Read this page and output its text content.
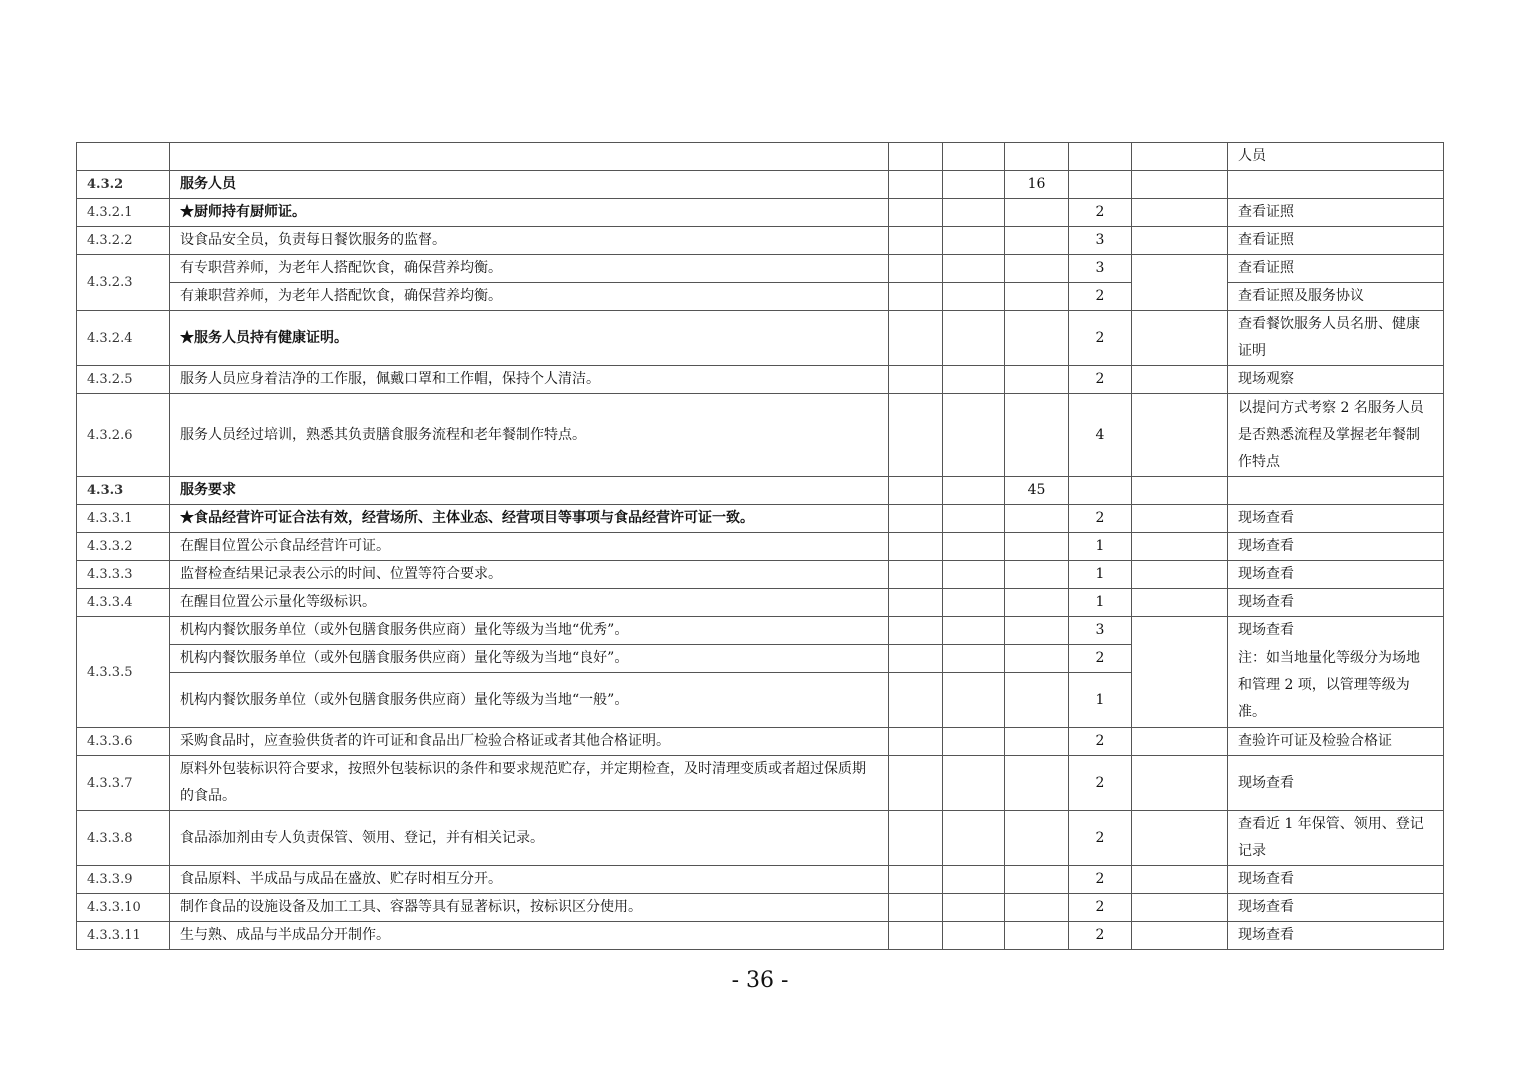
							人员
4.3.2	服务人员			16			
4.3.2.1	★厨师持有厨师证。				2		查看证照
4.3.2.2	设食品安全员，负责每日餐饮服务的监督。				3		查看证照
4.3.2.3	有专职营养师，为老年人搭配饮食，确保营养均衡。				3		查看证照
	有兼职营养师，为老年人搭配饮食，确保营养均衡。				2		查看证照及服务协议
4.3.2.4	★服务人员持有健康证明。				2		查看餐饮服务人员名册、健康证明
4.3.2.5	服务人员应身着洁净的工作服，佩戴口罩和工作帽，保持个人清洁。				2		现场观察
4.3.2.6	服务人员经过培训，熟悉其负责膳食服务流程和老年餐制作特点。				4		以提问方式考察 2 名服务人员是否熟悉流程及掌握老年餐制作特点
4.3.3	服务要求			45			
4.3.3.1	★食品经营许可证合法有效，经营场所、主体业态、经营项目等事项与食品经营许可证一致。				2		现场查看
4.3.3.2	在醒目位置公示食品经营许可证。				1		现场查看
4.3.3.3	监督检查结果记录表公示的时间、位置等符合要求。				1		现场查看
4.3.3.4	在醒目位置公示量化等级标识。				1		现场查看
4.3.3.5	机构内餐饮服务单位（或外包膳食服务供应商）量化等级为当地“优秀”。				3		现场查看
	机构内餐饮服务单位（或外包膳食服务供应商）量化等级为当地“良好”。				2		注：如当地量化等级分为场地和管理 2 项，以管理等级为准。
	机构内餐饮服务单位（或外包膳食服务供应商）量化等级为当地“一般”。				1		
4.3.3.6	采购食品时，应查验供货者的许可证和食品出厂检验合格证或者其他合格证明。				2		查验许可证及检验合格证
4.3.3.7	原料外包装标识符合要求，按照外包装标识的条件和要求规范贮存，并定期检查，及时清理变质或者超过保质期的食品。				2		现场查看
4.3.3.8	食品添加剂由专人负责保管、领用、登记，并有相关记录。				2		查看近 1 年保管、领用、登记记录
4.3.3.9	食品原料、半成品与成品在盛放、贮存时相互分开。				2		现场查看
4.3.3.10	制作食品的设施设备及加工工具、容器等具有显著标识，按标识区分使用。				2		现场查看
4.3.3.11	生与熟、成品与半成品分开制作。				2		现场查看
- 36 -
